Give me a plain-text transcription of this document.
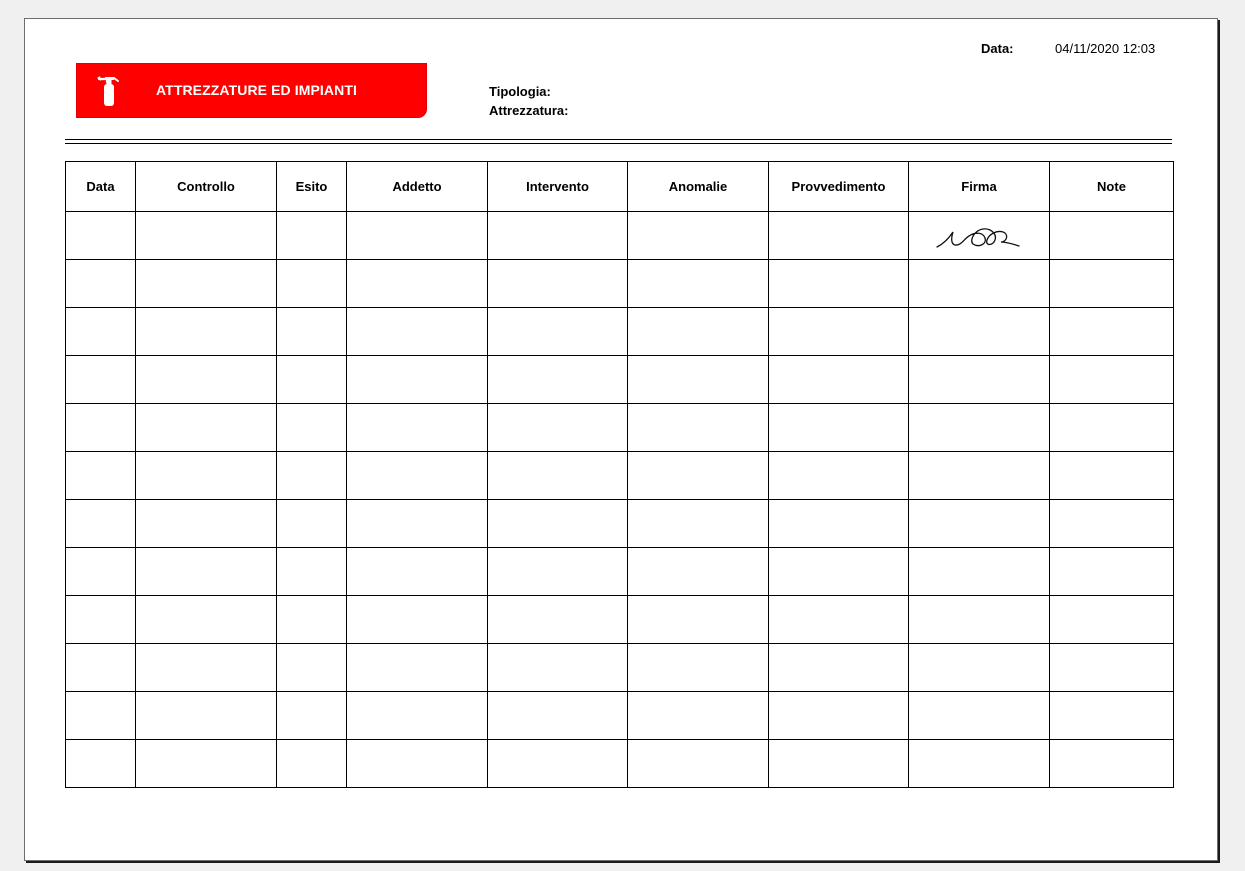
ATTREZZATURE ED IMPIANTI	Tipologia:
Attrezzatura:
Data:	04/11/2020 12:03
Data	Controllo	Esito	Addetto	Intervento	Anomalie	Provvedimento	Firma	Note
